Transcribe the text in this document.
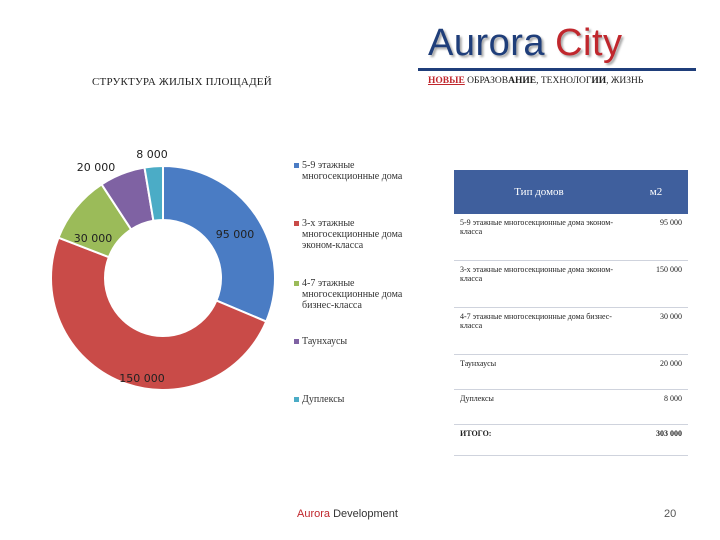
Aurora City
НОВЫЕ ОБРАЗОВАНИЕ, ТЕХНОЛОГИИ, ЖИЗНЬ
СТРУКТУРА ЖИЛЫХ ПЛОЩАДЕЙ
95 000
150 000
30 000
20 000
8 000
5-9 этажные многосекционные дома
3-х этажные многосекционные дома эконом-класса
4-7 этажные многосекционные дома бизнес-класса
Таунхаусы
Дуплексы
Тип домов	м2
5-9 этажные многосекционные дома эконом-класса	95 000
3-х этажные многосекционные дома эконом-класса	150 000
4-7 этажные многосекционные дома бизнес-класса	30 000
Таунхаусы	20 000
Дуплексы	8 000
ИТОГО:	303 000
Aurora Development	20
